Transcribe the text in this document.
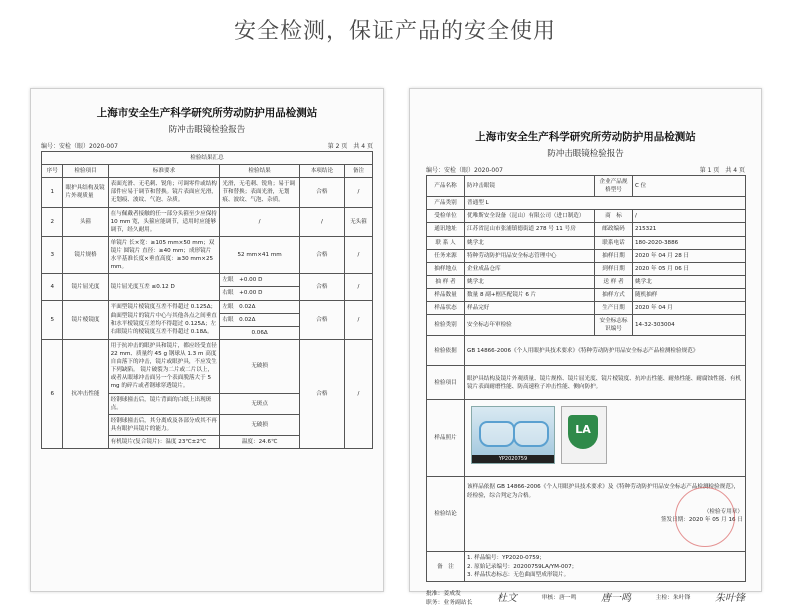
安全检测，保证产品的安全使用
上海市安全生产科学研究所劳动防护用品检测站
防冲击眼镜检验报告
编号：安检（眼）2020-007	第 2 页　共 4 页
检验结果汇总					
序号	检验项目	标准要求	检验结果	本项结论	备注
1	眼护具结构及镜片外观质量	表面光滑、无毛刺、锐角；可调零件或结构部件应易于调节和替换。镜片表面应光滑，无划痕、波纹、气泡、杂质。	光滑，无毛刺、锐角；易于调节和替换；表面光滑，无划痕、波纹、气泡、杂质。	合格	/
2	头箍	在与佩戴者接触的任一部分头箍至少应保持 10 mm 宽，头箍应能调节，适用时应能够调节，经久耐用。	/	/	无头箍
3	镜片规格	单镜片 长×宽：≥105 mm×50 mm；双镜片 圆镜片 直径：≥40 mm；成形镜片 水平基准长度×垂直高度：≥30 mm×25 mm。	52 mm×41 mm	合格	/
4	镜片屈光度	镜片屈光度互差 ≤0.12 D	左眼　 +0.00 D	合格	/
			右眼　 +0.00 D		
5	镜片棱镜度	平面型镜片棱镜度互差不得超过 0.125Δ；曲面型镜片的镜片中心与其他各点之间垂直和水平棱镜度互差均不得超过 0.125Δ；左右眼镜片的棱镜度互差不得超过 0.18Δ。	左眼　 0.02Δ	合格	/
			右眼　 0.02Δ		
			0.06Δ		
6	抗冲击性能	用于抗冲击的眼护具和镜片，都应经受直径 22 mm、质量约 45 g 钢球从 1.3 m 高度自由落下的冲击，镜片或眼护具，不应发生下列缺陷。 镜片破裂为二片或二片以上，或者从眼球冲击面另一个表面脱落大于 5 mg 的碎片或者钢球穿透镜片。	无破损	合格	/
		经钢球撞击后，镜片背面的白纸上出现斑点。	无斑点		
		经钢球撞击后，其分离成及各部分成其不再具有眼护具镜片的能力。	无破损		
		有机镜片(复合镜片)：温度 23℃±2℃	温度：24.6℃		
上海市安全生产科学研究所劳动防护用品检测站
防冲击眼镜检验报告
编号：安检（眼）2020-007	第 1 页　共 4 页
产品名称	防冲击眼镜	企业产品规格型号	C 位
产品类别	普通型 L		
受检单位	优唯斯安全设备（昆山）有限公司（进口制造）	商　标	/
通讯地址	江苏省昆山市张浦镇德街道 278 号 11 号房	邮政编码	215321
联 系 人	姚学北	联系电话	180-2020-3886
任务来源	特种劳动防护用品安全标志管理中心	抽样日期	2020 年 04 月 28 日
抽样地点	企业成品仓库	到样日期	2020 年 05 月 06 日
抽 样 者	姚学北	送 样 者	姚学北
样品数量	数量 8 副+框匹配镜片 6 片	抽样方式	随机抽样
样品状态	样品完好	生产日期	2020 年 04 月
检验类别	安全标志年审检验	安全标志标识编号	14-32-303004
检验依据	GB 14866-2006《个人用眼护具技术要求》《特种劳动防护用品安全标志产品检测检验规范》		
检验项目	眼护具结构及镜片外观质量、镜片规格、镜片屈光度、镜片棱镜度、抗冲击性能、耐热性能、耐腐蚀性能、有机镜片表面耐磨性能、防高速粒子冲击性能、侧向防护。		
样品照片	YP2020759
LA		

检验结论	该样品依据 GB 14866-2006《个人用眼护具技术要求》及《特种劳动防护用品安全标志产品检测检验规范》，经检验，综合判定为合格。
（检验专用章）
签发日期：2020 年 05 月 16 日		

备　注	1. 样品编号：YP2020-0759；
2. 原始记录编号：20200759LA/YM-007；
3. 样品状态标志：无色曲面型成形镜片。		
批准：姜成发
职务：业务副站长 杜文	审核：唐一鸣 唐一鸣	主检：朱叶锋 朱叶锋
